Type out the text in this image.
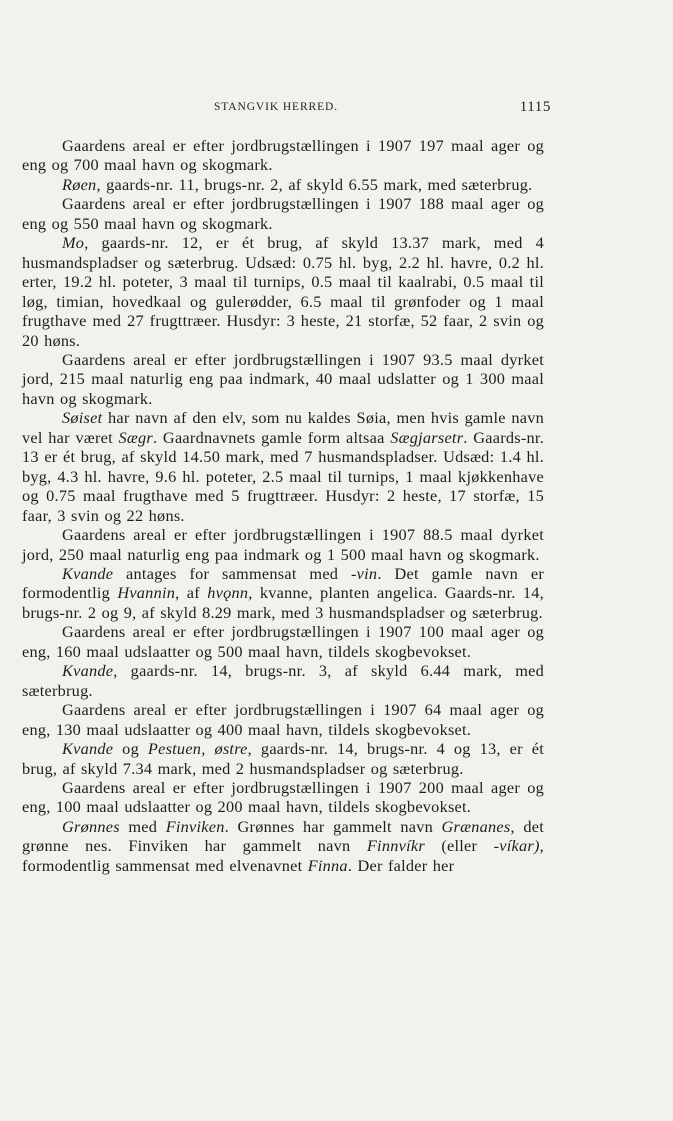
STANGVIK HERRED.	1115

Gaardens areal er efter jordbrugstællingen i 1907 197 maal ager og eng og 700 maal havn og skogmark.

Røen, gaards-nr. 11, brugs-nr. 2, af skyld 6.55 mark, med sæterbrug.

Gaardens areal er efter jordbrugstællingen i 1907 188 maal ager og eng og 550 maal havn og skogmark.

Mo, gaards-nr. 12, er ét brug, af skyld 13.37 mark, med 4 husmandspladser og sæterbrug. Udsæd: 0.75 hl. byg, 2.2 hl. havre, 0.2 hl. erter, 19.2 hl. poteter, 3 maal til turnips, 0.5 maal til kaalrabi, 0.5 maal til løg, timian, hovedkaal og gulerødder, 6.5 maal til grønfoder og 1 maal frugthave med 27 frugttræer. Husdyr: 3 heste, 21 storfæ, 52 faar, 2 svin og 20 høns.

Gaardens areal er efter jordbrugstællingen i 1907 93.5 maal dyrket jord, 215 maal naturlig eng paa indmark, 40 maal udslatter og 1 300 maal havn og skogmark.

Søiset har navn af den elv, som nu kaldes Søia, men hvis gamle navn vel har været Sægr. Gaardnavnets gamle form altsaa Sægjarsetr. Gaards-nr. 13 er ét brug, af skyld 14.50 mark, med 7 husmandspladser. Udsæd: 1.4 hl. byg, 4.3 hl. havre, 9.6 hl. poteter, 2.5 maal til turnips, 1 maal kjøkkenhave og 0.75 maal frugthave med 5 frugttræer. Husdyr: 2 heste, 17 storfæ, 15 faar, 3 svin og 22 høns.

Gaardens areal er efter jordbrugstællingen i 1907 88.5 maal dyrket jord, 250 maal naturlig eng paa indmark og 1 500 maal havn og skogmark.

Kvande antages for sammensat med -vin. Det gamle navn er formodentlig Hvannin, af hvǫnn, kvanne, planten angelica. Gaards-nr. 14, brugs-nr. 2 og 9, af skyld 8.29 mark, med 3 husmandspladser og sæterbrug.

Gaardens areal er efter jordbrugstællingen i 1907 100 maal ager og eng, 160 maal udslaatter og 500 maal havn, tildels skogbevokset.

Kvande, gaards-nr. 14, brugs-nr. 3, af skyld 6.44 mark, med sæterbrug.

Gaardens areal er efter jordbrugstællingen i 1907 64 maal ager og eng, 130 maal udslaatter og 400 maal havn, tildels skogbevokset.

Kvande og Pestuen, østre, gaards-nr. 14, brugs-nr. 4 og 13, er ét brug, af skyld 7.34 mark, med 2 husmandspladser og sæterbrug.

Gaardens areal er efter jordbrugstællingen i 1907 200 maal ager og eng, 100 maal udslaatter og 200 maal havn, tildels skogbevokset.

Grønnes med Finviken. Grønnes har gammelt navn Grænanes, det grønne nes. Finviken har gammelt navn Finnvíkr (eller -víkar), formodentlig sammensat med elvenavnet Finna. Der falder her
